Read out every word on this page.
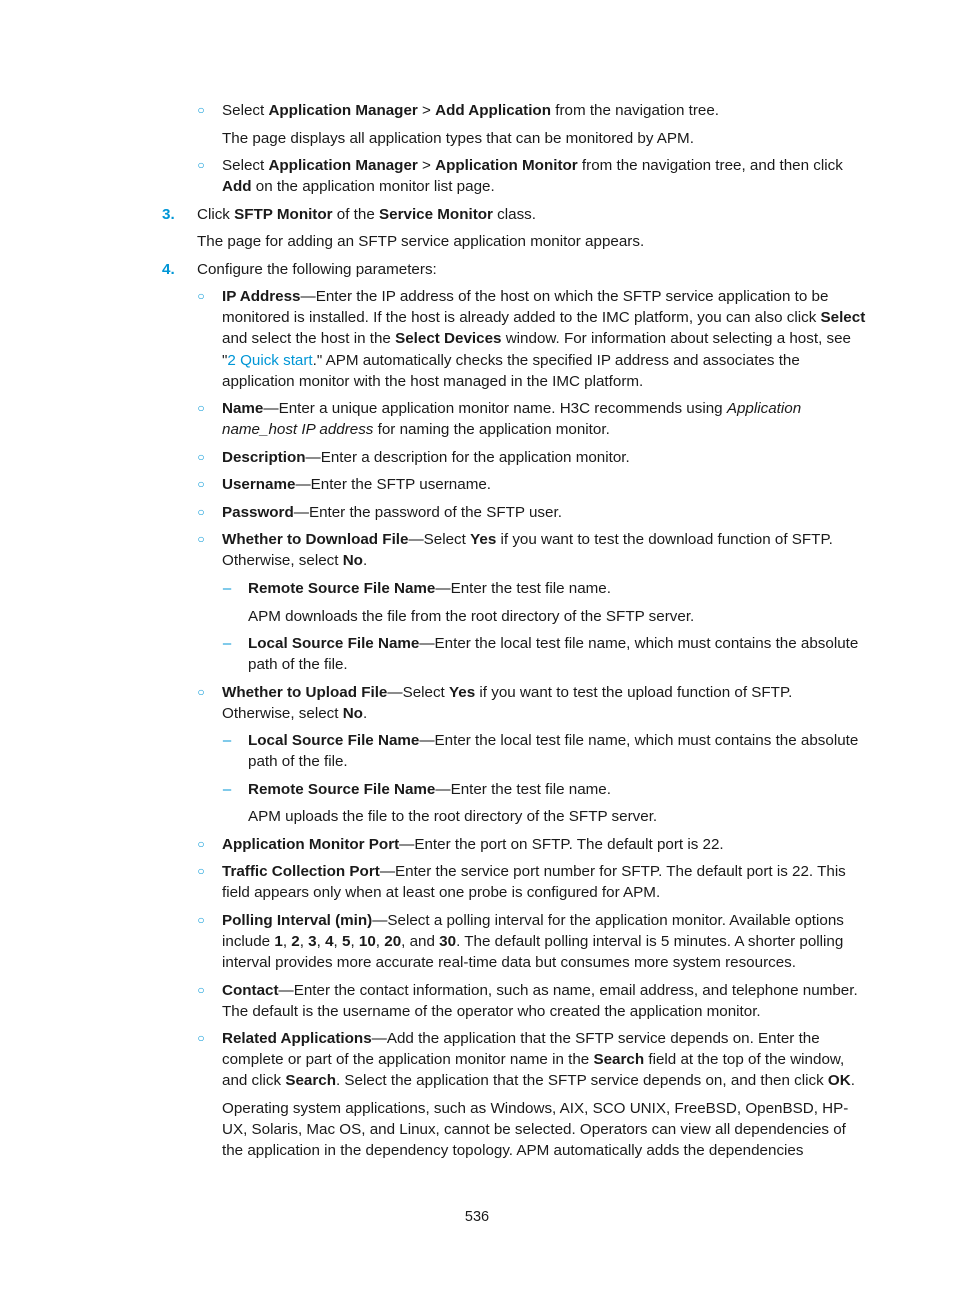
○ Select Application Manager > Add Application from the navigation tree.
The page displays all application types that can be monitored by APM.
○ Select Application Manager > Application Monitor from the navigation tree, and then click Add on the application monitor list page.
3. Click SFTP Monitor of the Service Monitor class.
The page for adding an SFTP service application monitor appears.
4. Configure the following parameters:
○ IP Address—Enter the IP address of the host on which the SFTP service application to be monitored is installed. If the host is already added to the IMC platform, you can also click Select and select the host in the Select Devices window. For information about selecting a host, see "2 Quick start." APM automatically checks the specified IP address and associates the application monitor with the host managed in the IMC platform.
○ Name—Enter a unique application monitor name. H3C recommends using Application name_host IP address for naming the application monitor.
○ Description—Enter a description for the application monitor.
○ Username—Enter the SFTP username.
○ Password—Enter the password of the SFTP user.
○ Whether to Download File—Select Yes if you want to test the download function of SFTP. Otherwise, select No.
– Remote Source File Name—Enter the test file name.
APM downloads the file from the root directory of the SFTP server.
– Local Source File Name—Enter the local test file name, which must contains the absolute path of the file.
○ Whether to Upload File—Select Yes if you want to test the upload function of SFTP. Otherwise, select No.
– Local Source File Name—Enter the local test file name, which must contains the absolute path of the file.
– Remote Source File Name—Enter the test file name.
APM uploads the file to the root directory of the SFTP server.
○ Application Monitor Port—Enter the port on SFTP. The default port is 22.
○ Traffic Collection Port—Enter the service port number for SFTP. The default port is 22. This field appears only when at least one probe is configured for APM.
○ Polling Interval (min)—Select a polling interval for the application monitor. Available options include 1, 2, 3, 4, 5, 10, 20, and 30. The default polling interval is 5 minutes. A shorter polling interval provides more accurate real-time data but consumes more system resources.
○ Contact—Enter the contact information, such as name, email address, and telephone number. The default is the username of the operator who created the application monitor.
○ Related Applications—Add the application that the SFTP service depends on. Enter the complete or part of the application monitor name in the Search field at the top of the window, and click Search. Select the application that the SFTP service depends on, and then click OK.
Operating system applications, such as Windows, AIX, SCO UNIX, FreeBSD, OpenBSD, HP-UX, Solaris, Mac OS, and Linux, cannot be selected. Operators can view all dependencies of the application in the dependency topology. APM automatically adds the dependencies
536
